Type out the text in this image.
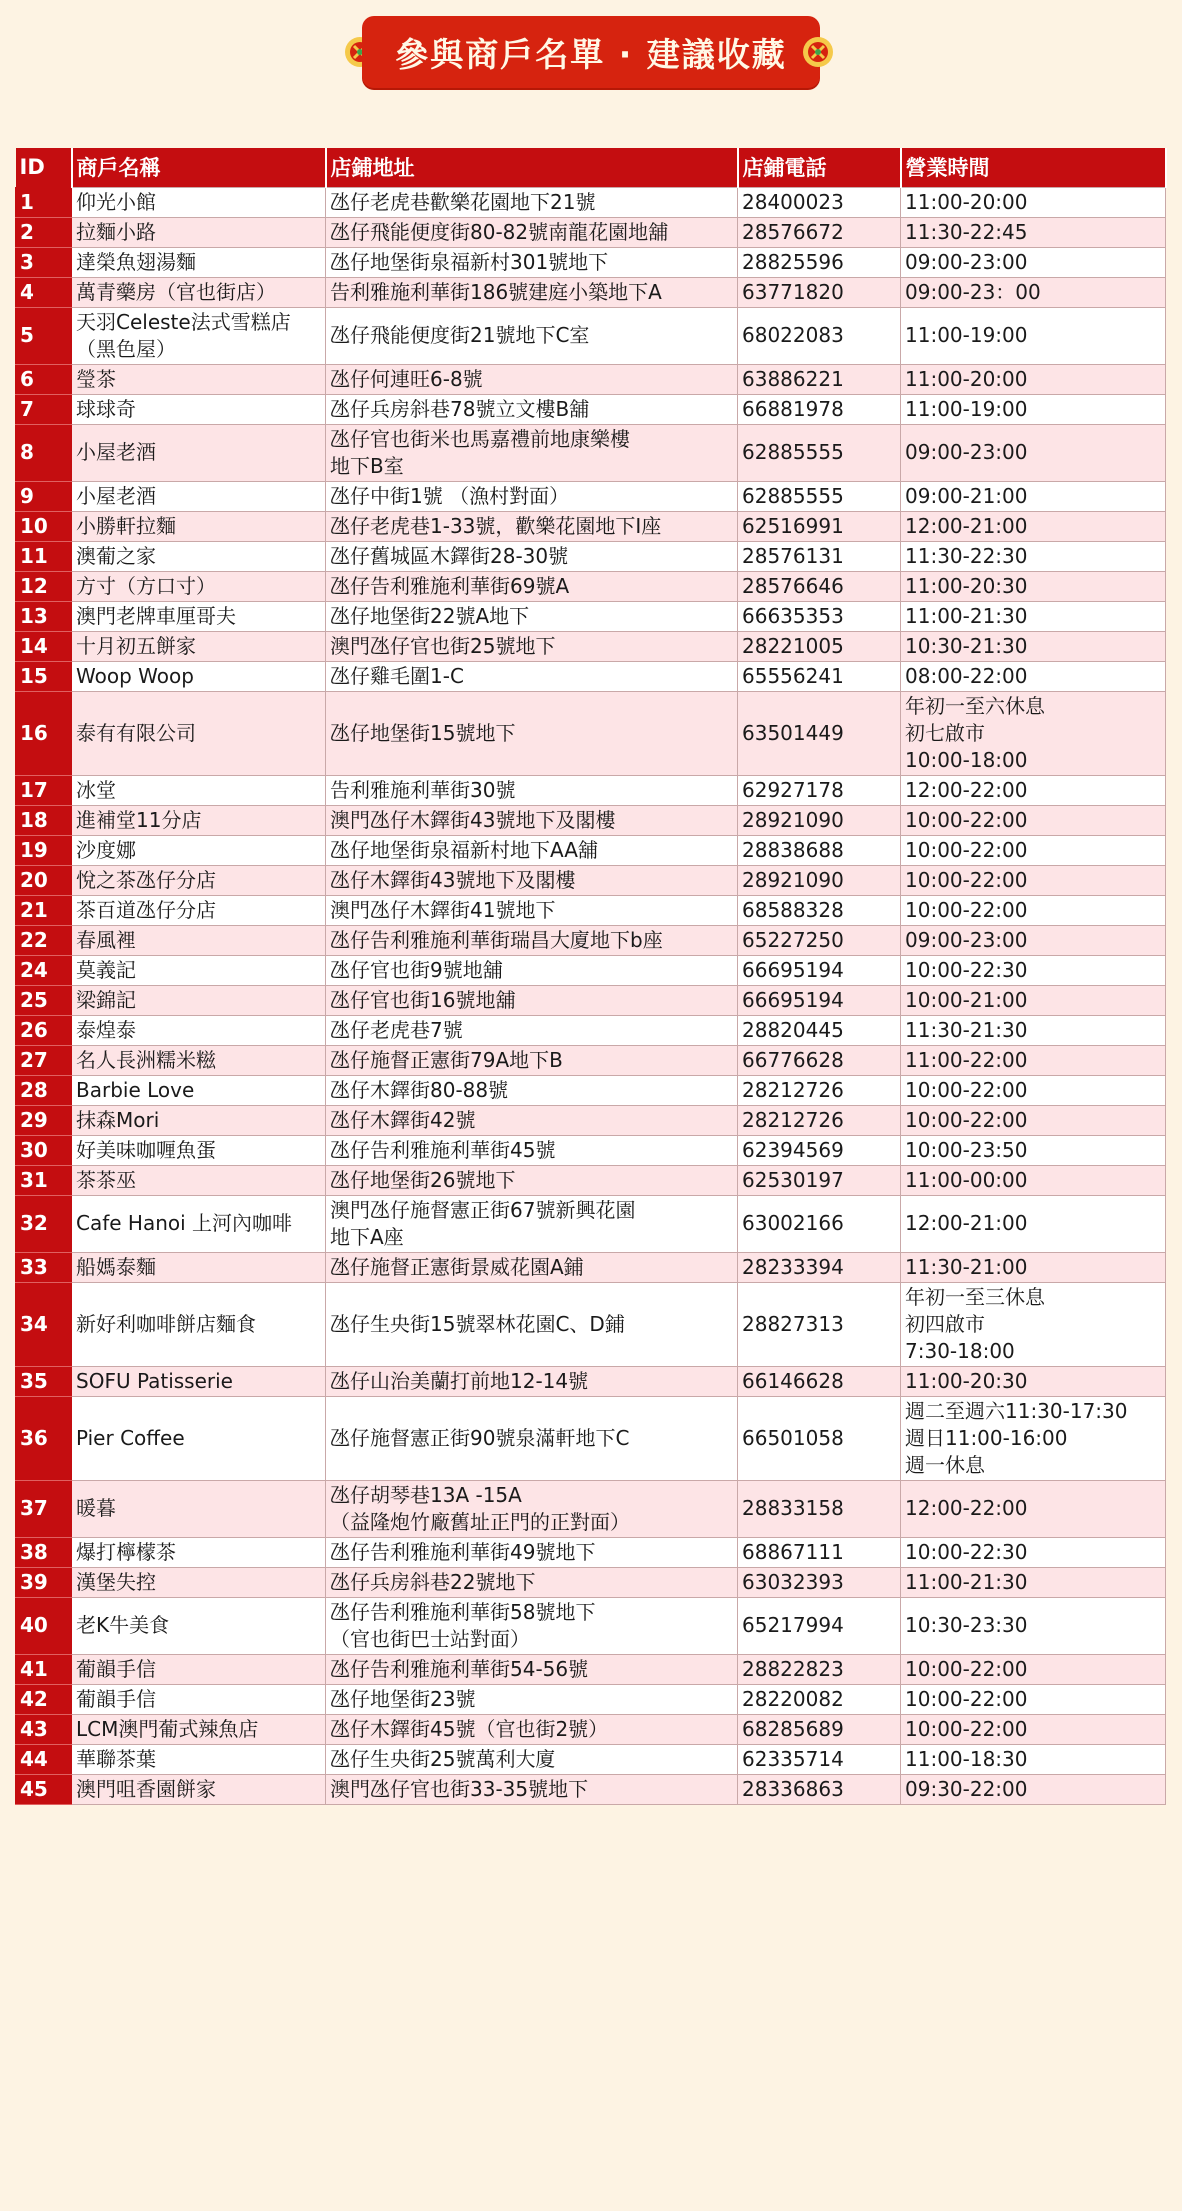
參與商戶名單 · 建議收藏
ID	商戶名稱	店鋪地址	店鋪電話	營業時間
1	仰光小館	氹仔老虎巷歡樂花園地下21號	28400023	11:00-20:00

2	拉麵小路	氹仔飛能便度街80-82號南龍花園地舖	28576672	11:30-22:45

3	達榮魚翅湯麵	氹仔地堡街泉福新村301號地下	28825596	09:00-23:00

4	萬青藥房（官也街店）	告利雅施利華街186號建庭小築地下A	63771820	09:00-23：00

5	天羽Celeste法式雪糕店
（黑色屋）	氹仔飛能便度街21號地下C室	68022083	11:00-19:00

6	瑩茶	氹仔何連旺6-8號	63886221	11:00-20:00

7	球球奇	氹仔兵房斜巷78號立文樓B舖	66881978	11:00-19:00

8	小屋老酒	氹仔官也街米也馬嘉禮前地康樂樓
地下B室	62885555	09:00-23:00

9	小屋老酒	氹仔中街1號 （漁村對面）	62885555	09:00-21:00

10	小勝軒拉麵	氹仔老虎巷1-33號，歡樂花園地下I座	62516991	12:00-21:00

11	澳葡之家	氹仔舊城區木鐸街28-30號	28576131	11:30-22:30

12	方寸（方口寸）	氹仔告利雅施利華街69號A	28576646	11:00-20:30

13	澳門老牌車厘哥夫	氹仔地堡街22號A地下	66635353	11:00-21:30

14	十月初五餅家	澳門氹仔官也街25號地下	28221005	10:30-21:30

15	Woop Woop	氹仔雞毛圍1-C	65556241	08:00-22:00

16	泰有有限公司	氹仔地堡街15號地下	63501449	年初一至六休息
初七啟市
10:00-18:00

17	冰堂	告利雅施利華街30號	62927178	12:00-22:00

18	進補堂11分店	澳門氹仔木鐸街43號地下及閣樓	28921090	10:00-22:00

19	沙度娜	氹仔地堡街泉福新村地下AA舖	28838688	10:00-22:00

20	悅之茶氹仔分店	氹仔木鐸街43號地下及閣樓	28921090	10:00-22:00

21	茶百道氹仔分店	澳門氹仔木鐸街41號地下	68588328	10:00-22:00

22	春風裡	氹仔告利雅施利華街瑞昌大廈地下b座	65227250	09:00-23:00

24	莫義記	氹仔官也街9號地舖	66695194	10:00-22:30

25	梁錦記	氹仔官也街16號地舖	66695194	10:00-21:00

26	泰煌泰	氹仔老虎巷7號	28820445	11:30-21:30

27	名人長洲糯米糍	氹仔施督正憲街79A地下B	66776628	11:00-22:00

28	Barbie Love	氹仔木鐸街80-88號	28212726	10:00-22:00

29	抹森Mori	氹仔木鐸街42號	28212726	10:00-22:00

30	好美味咖喱魚蛋	氹仔告利雅施利華街45號	62394569	10:00-23:50

31	茶茶巫	氹仔地堡街26號地下	62530197	11:00-00:00

32	Cafe Hanoi 上河內咖啡	澳門氹仔施督憲正街67號新興花園
地下A座	63002166	12:00-21:00

33	船媽泰麵	氹仔施督正憲街景威花園A鋪	28233394	11:30-21:00

34	新好利咖啡餅店麵食	氹仔生央街15號翠林花園C、D鋪	28827313	年初一至三休息
初四啟市
7:30-18:00

35	SOFU Patisserie	氹仔山治美蘭打前地12-14號	66146628	11:00-20:30

36	Pier Coffee	氹仔施督憲正街90號泉滿軒地下C	66501058	週二至週六11:30-17:30
週日11:00-16:00
週一休息

37	暖暮	氹仔胡琴巷13A -15A
（益隆炮竹廠舊址正門的正對面）	28833158	12:00-22:00

38	爆打檸檬茶	氹仔告利雅施利華街49號地下	68867111	10:00-22:30

39	漢堡失控	氹仔兵房斜巷22號地下	63032393	11:00-21:30

40	老K牛美食	氹仔告利雅施利華街58號地下
（官也街巴士站對面）	65217994	10:30-23:30

41	葡韻手信	氹仔告利雅施利華街54-56號	28822823	10:00-22:00

42	葡韻手信	氹仔地堡街23號	28220082	10:00-22:00

43	LCM澳門葡式辣魚店	氹仔木鐸街45號（官也街2號）	68285689	10:00-22:00

44	華聯茶葉	氹仔生央街25號萬利大廈	62335714	11:00-18:30

45	澳門咀香園餅家	澳門氹仔官也街33-35號地下	28336863	09:30-22:00
